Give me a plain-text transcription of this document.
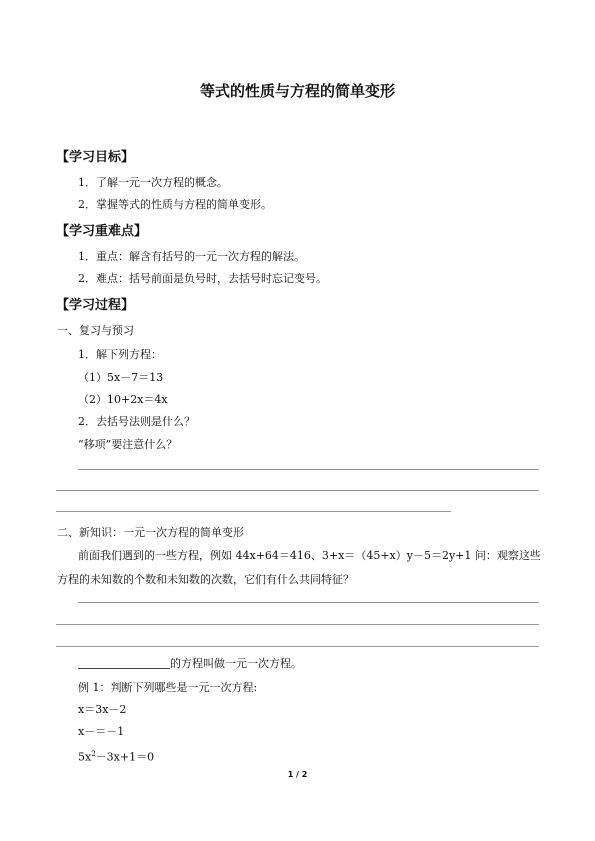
等式的性质与方程的简单变形
【学习目标】
1．了解一元一次方程的概念。
2．掌握等式的性质与方程的简单变形。
【学习重难点】
1．重点：解含有括号的一元一次方程的解法。
2．难点：括号前面是负号时，去括号时忘记变号。
【学习过程】
一、复习与预习
1．解下列方程：
（1）5x－7＝13
（2）10+2x＝4x
2．去括号法则是什么？
“移项”要注意什么？
二、新知识：一元一次方程的简单变形
前面我们遇到的一些方程，例如 44x+64＝416、3+x＝（45+x）y－5＝2y+1 问：观察这些
方程的未知数的个数和未知数的次数，它们有什么共同特征？
的方程叫做一元一次方程。
例 1：判断下列哪些是一元一次方程:
x＝3x－2
x－＝－1
$5x^2-3x+1=0$
1 / 2
